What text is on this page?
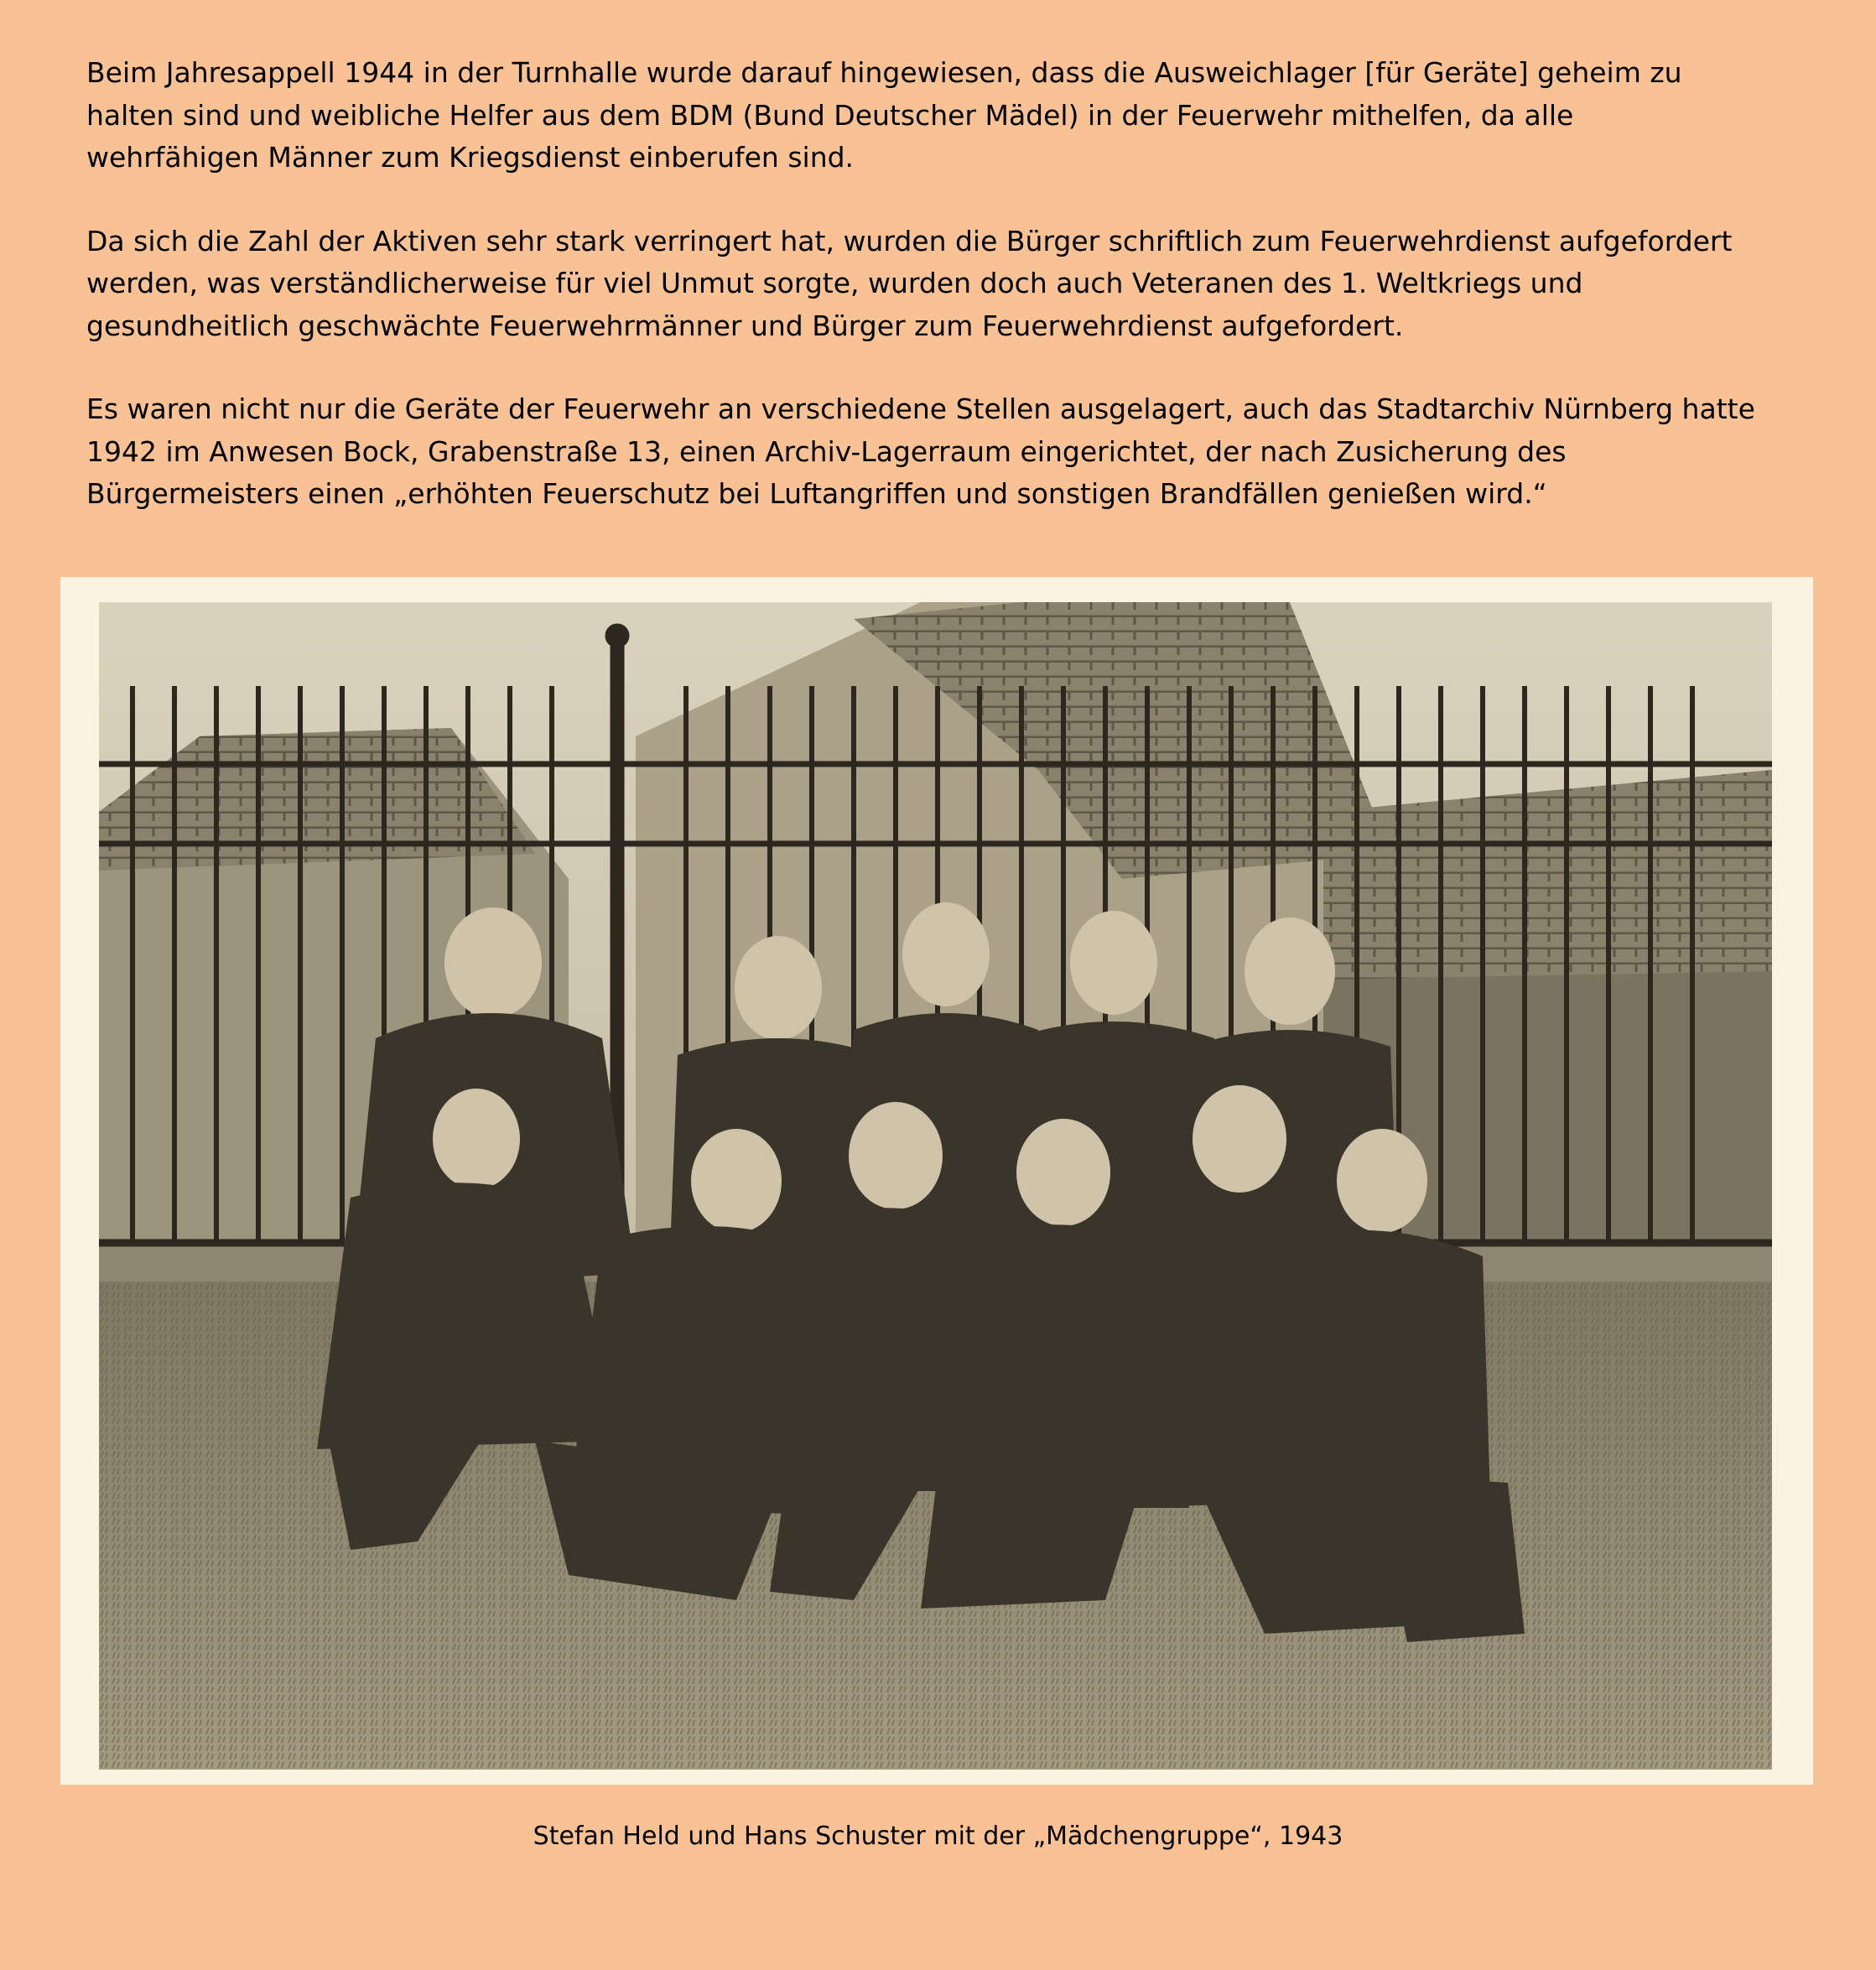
Beim Jahresappell 1944 in der Turnhalle wurde darauf hingewiesen, dass die Ausweichlager [für Geräte] geheim zu
halten sind und weibliche Helfer aus dem BDM (Bund Deutscher Mädel) in der Feuerwehr mithelfen, da alle
wehrfähigen Männer zum Kriegsdienst einberufen sind.

Da sich die Zahl der Aktiven sehr stark verringert hat, wurden die Bürger schriftlich zum Feuerwehrdienst aufgefordert
werden, was verständlicherweise für viel Unmut sorgte, wurden doch auch Veteranen des 1. Weltkriegs und
gesundheitlich geschwächte Feuerwehrmänner und Bürger zum Feuerwehrdienst aufgefordert.

Es waren nicht nur die Geräte der Feuerwehr an verschiedene Stellen ausgelagert, auch das Stadtarchiv Nürnberg hatte
1942 im Anwesen Bock, Grabenstraße 13, einen Archiv-Lagerraum eingerichtet, der nach Zusicherung des
Bürgermeisters einen „erhöhten Feuerschutz bei Luftangriffen und sonstigen Brandfällen genießen wird.“

Stefan Held und Hans Schuster mit der „Mädchengruppe“, 1943
